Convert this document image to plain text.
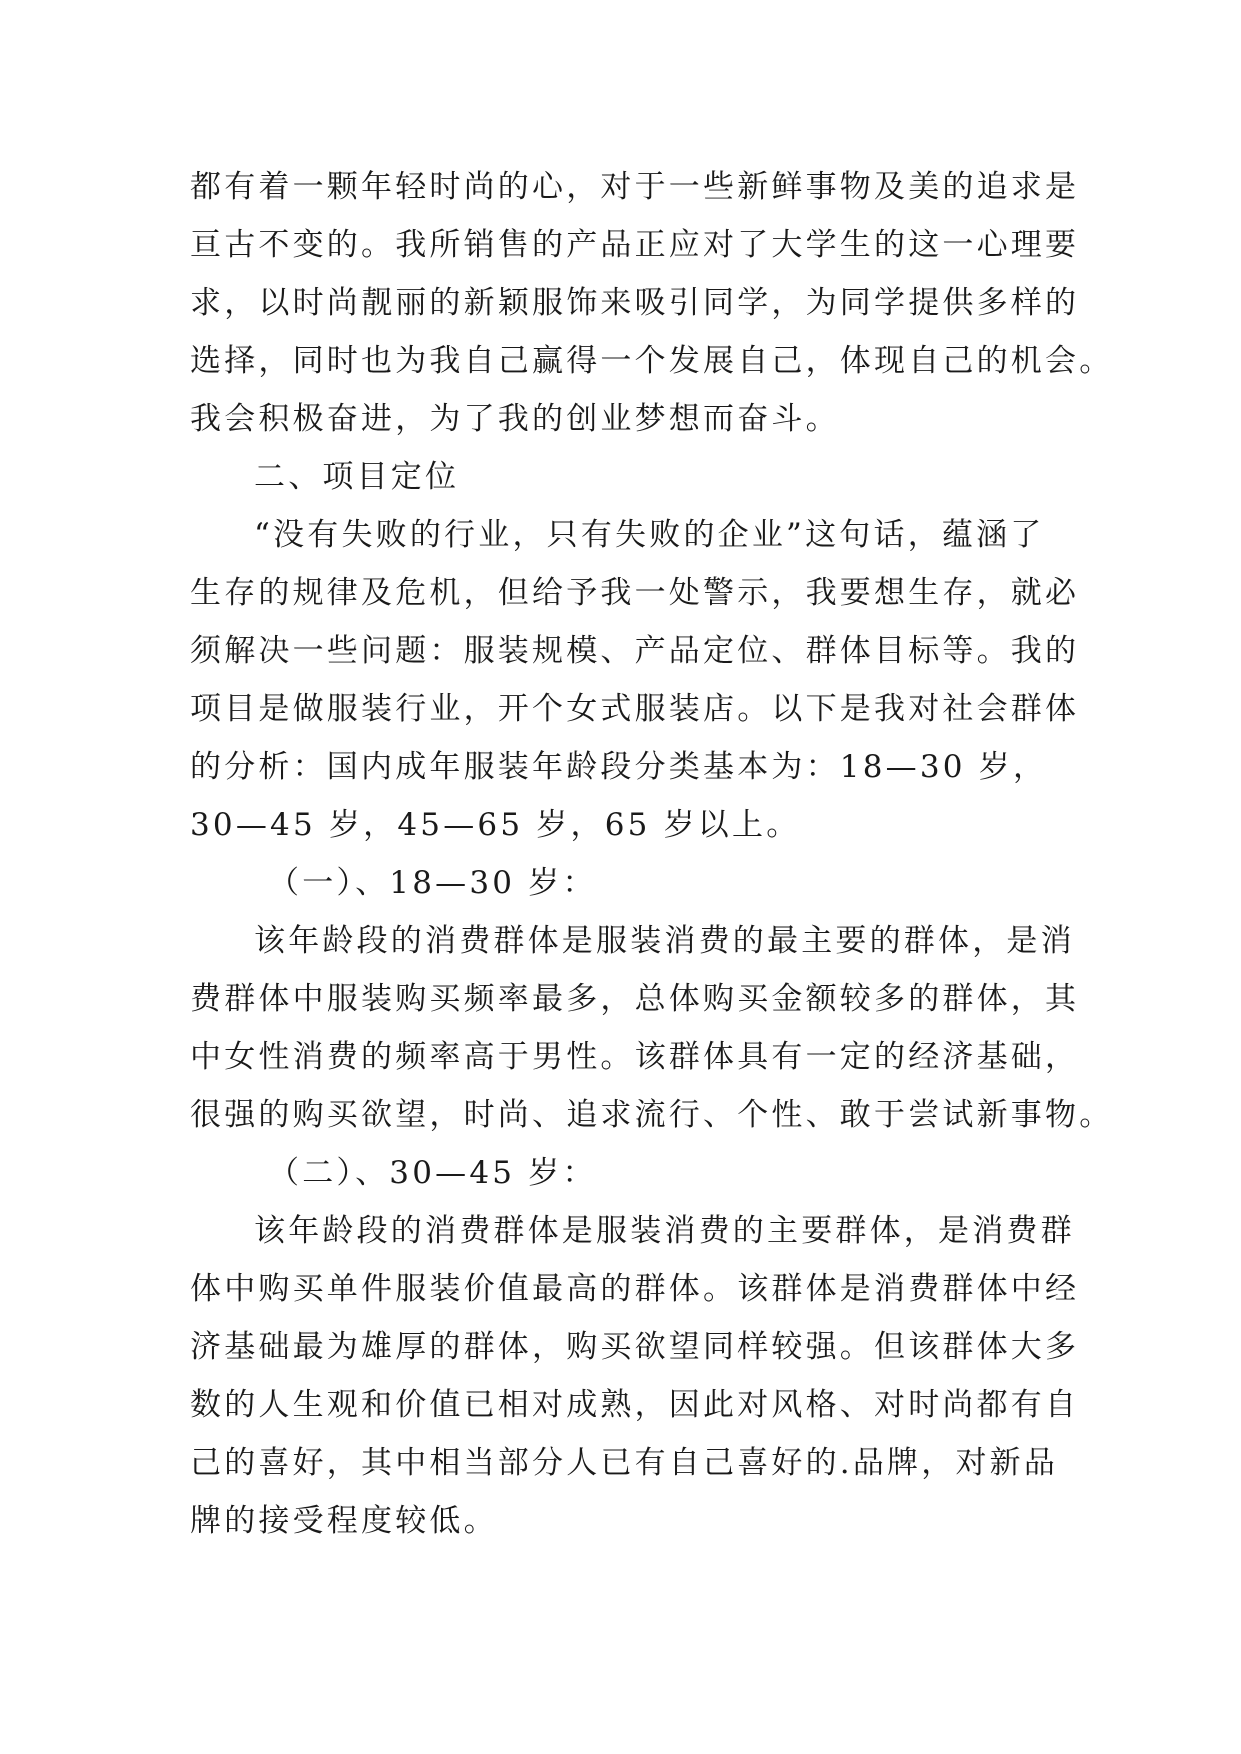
都有着一颗年轻时尚的心，对于一些新鲜事物及美的追求是
亘古不变的。我所销售的产品正应对了大学生的这一心理要
求，以时尚靓丽的新颖服饰来吸引同学，为同学提供多样的
选择，同时也为我自己赢得一个发展自己，体现自己的机会。
我会积极奋进，为了我的创业梦想而奋斗。
二、项目定位
“没有失败的行业，只有失败的企业”这句话，蕴涵了
生存的规律及危机，但给予我一处警示，我要想生存，就必
须解决一些问题：服装规模、产品定位、群体目标等。我的
项目是做服装行业，开个女式服装店。以下是我对社会群体
的分析：国内成年服装年龄段分类基本为：18—30 岁，
30—45 岁，45—65 岁，65 岁以上。
（一）、18—30 岁：
该年龄段的消费群体是服装消费的最主要的群体，是消
费群体中服装购买频率最多，总体购买金额较多的群体，其
中女性消费的频率高于男性。该群体具有一定的经济基础，
很强的购买欲望，时尚、追求流行、个性、敢于尝试新事物。
（二）、30—45 岁：
该年龄段的消费群体是服装消费的主要群体，是消费群
体中购买单件服装价值最高的群体。该群体是消费群体中经
济基础最为雄厚的群体，购买欲望同样较强。但该群体大多
数的人生观和价值已相对成熟，因此对风格、对时尚都有自
己的喜好，其中相当部分人已有自己喜好的.品牌，对新品
牌的接受程度较低。
